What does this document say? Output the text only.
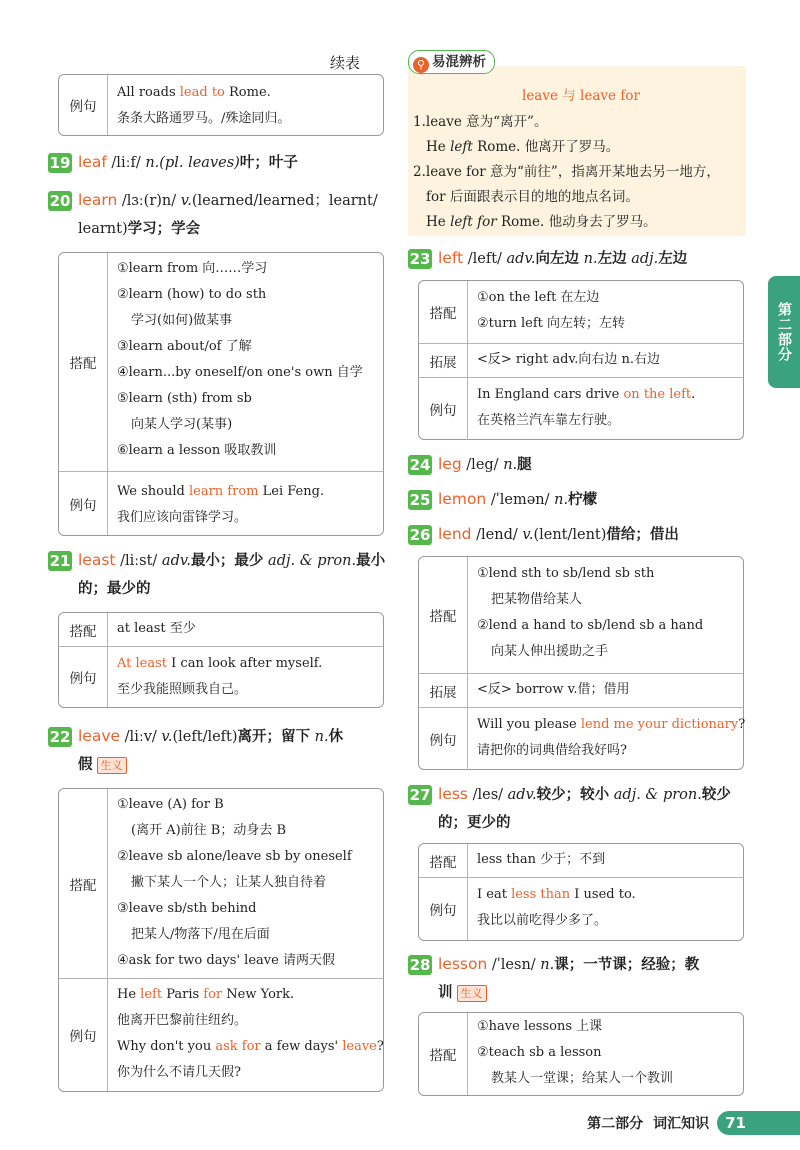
续表
例句
All roads lead to Rome.
条条大路通罗马。/殊途同归。
19 leaf /liːf/ n.(pl. leaves)叶；叶子
20 learn /lɜː(r)n/ v.(learned/learned；learnt/
learnt)学习；学会
搭配
①learn from 向……学习
②learn (how) to do sth
学习(如何)做某事
③learn about/of 了解
④learn...by oneself/on one's own 自学
⑤learn (sth) from sb
向某人学习(某事)
⑥learn a lesson 吸取教训
例句
We should learn from Lei Feng.
我们应该向雷锋学习。
21 least /liːst/ adv.最小；最少 adj. & pron.最小
的；最少的
搭配	at least 至少
例句
At least I can look after myself.
至少我能照顾我自己。
22 leave /liːv/ v.(left/left)离开；留下 n.休
假 生义
搭配
①leave (A) for B
(离开 A)前往 B；动身去 B
②leave sb alone/leave sb by oneself
撇下某人一个人；让某人独自待着
③leave sb/sth behind
把某人/物落下/甩在后面
④ask for two days' leave 请两天假
例句
He left Paris for New York.
他离开巴黎前往纽约。
Why don't you ask for a few days' leave?
你为什么不请几天假?
⚲ 易混辨析
leave 与 leave for
1.leave 意为“离开”。
He left Rome. 他离开了罗马。
2.leave for 意为“前往”，指离开某地去另一地方，
for 后面跟表示目的地的地点名词。
He left for Rome. 他动身去了罗马。
23 left /left/ adv.向左边 n.左边 adj.左边
搭配
①on the left 在左边
②turn left 向左转；左转
拓展	<反> right adv.向右边 n.右边
例句
In England cars drive on the left.
在英格兰汽车靠左行驶。
24 leg /leg/ n.腿
25 lemon /ˈlemən/ n.柠檬
26 lend /lend/ v.(lent/lent)借给；借出
搭配
①lend sth to sb/lend sb sth
把某物借给某人
②lend a hand to sb/lend sb a hand
向某人伸出援助之手
拓展	<反> borrow v.借；借用
例句
Will you please lend me your dictionary?
请把你的词典借给我好吗?
27 less /les/ adv.较少；较小 adj. & pron.较少
的；更少的
搭配	less than 少于；不到
例句
I eat less than I used to.
我比以前吃得少多了。
28 lesson /ˈlesn/ n.课；一节课；经验；教
训 生义
搭配
①have lessons 上课
②teach sb a lesson
教某人一堂课；给某人一个教训
第二部分
第二部分 词汇知识	71
